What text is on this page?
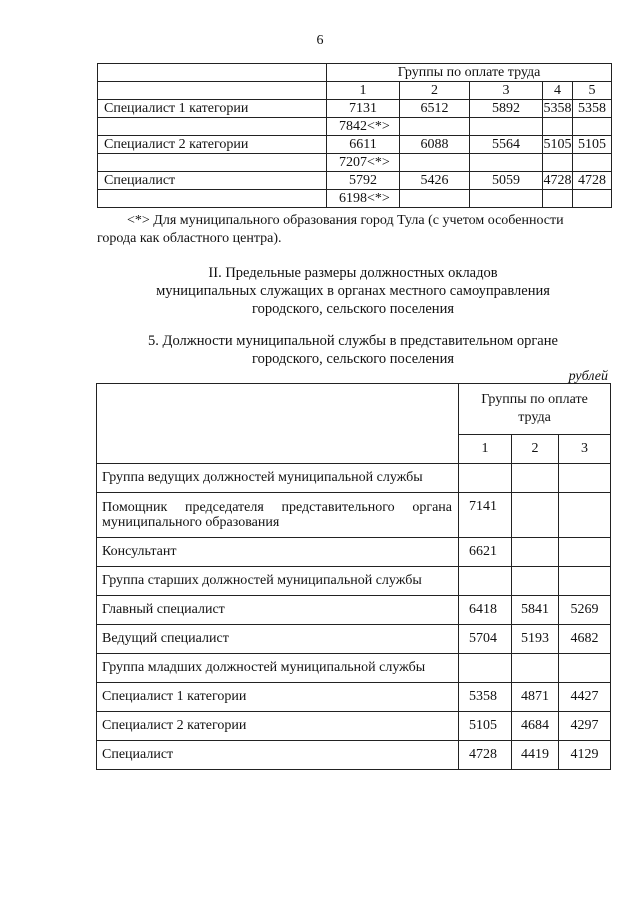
6
	Группы по оплате труда				
	1	2	3	4	5
Специалист 1 категории	7131	6512	5892	5358	5358
	7842<*>				
Специалист 2 категории	6611	6088	5564	5105	5105
	7207<*>				
Специалист	5792	5426	5059	4728	4728
	6198<*>				
<*> Для муниципального образования город Тула (с учетом особенности
города как областного центра).
II. Предельные размеры должностных окладов
муниципальных служащих в органах местного самоуправления
городского, сельского поселения
5. Должности муниципальной службы в представительном органе
городского, сельского поселения
рублей
	Группы по оплате труда		
	1	2	3
Группа ведущих должностей муниципальной службы			

Помощник председателя представительного органа
муниципального образования	7141		
Консультант	6621		
Группа старших должностей муниципальной службы			
Главный специалист	6418	5841	5269
Ведущий специалист	5704	5193	4682
Группа младших должностей муниципальной службы			
Специалист 1 категории	5358	4871	4427
Специалист 2 категории	5105	4684	4297
Специалист	4728	4419	4129
